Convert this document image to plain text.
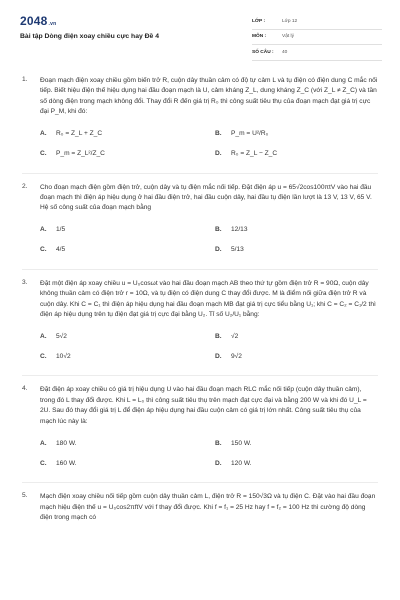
2048.vn
Bài tập Dòng điện xoay chiều cực hay Đề 4
LỚP :	Lớp 12
MÔN :	Vật lý
SỐ CÂU :	40
1. Đoạn mạch điện xoay chiều gồm biến trở R, cuộn dây thuần cảm có độ tự cảm L và tụ điện có điện dung C mắc nối tiếp. Biết hiệu điện thế hiệu dụng hai đầu đoạn mạch là U, cảm kháng Z_L, dung kháng Z_C (với Z_L ≠ Z_C) và tần số dòng điện trong mạch không đổi. Thay đổi R đến giá trị R₀ thì công suất tiêu thụ của đoạn mạch đạt giá trị cực đại P_M, khi đó:
A.	R₀ = Z_L + Z_C	B.	P_m = U²/R₀
C.	P_m = Z_L²/Z_C	D.	R₀ = Z_L − Z_C
2. Cho đoạn mạch điện gồm điện trở, cuộn dây và tụ điện mắc nối tiếp. Đặt điện áp u = 65√2cos100πtV vào hai đầu đoạn mạch thì điện áp hiệu dụng ở hai đầu điện trở, hai đầu cuộn dây, hai đầu tụ điện lần lượt là 13 V, 13 V, 65 V. Hệ số công suất của đoạn mạch bằng
A.	1/5	B.	12/13
C.	4/5	D.	5/13
3. Đặt một điện áp xoay chiều u = U₀cosωt vào hai đầu đoạn mạch AB theo thứ tự gồm điện trở R = 90Ω, cuộn dây không thuần cảm có điện trở r = 10Ω, và tụ điện có điện dung C thay đổi được. M là điểm nối giữa điện trở R và cuộn dây. Khi C = C₁ thì điện áp hiệu dụng hai đầu đoạn mạch MB đạt giá trị cực tiểu bằng U₁; khi C = C₂ = C₁/2 thì điện áp hiệu dụng trên tụ điện đạt giá trị cực đại bằng U₂. Tỉ số U₂/U₁ bằng:
A.	5√2	B.	√2
C.	10√2	D.	9√2
4. Đặt điện áp xoay chiều có giá trị hiệu dụng U vào hai đầu đoạn mạch RLC mắc nối tiếp (cuộn dây thuần cảm), trong đó L thay đổi được. Khi L = L₀ thì công suất tiêu thụ trên mạch đạt cực đại và bằng 200 W và khi đó U_L = 2U. Sau đó thay đổi giá trị L để điện áp hiệu dụng hai đầu cuộn cảm có giá trị lớn nhất. Công suất tiêu thụ của mạch lúc này là:
A.	180 W.	B.	150 W.
C.	160 W.	D.	120 W.
5. Mạch điện xoay chiều nối tiếp gồm cuộn dây thuần cảm L, điện trở R = 150√3Ω và tụ điện C. Đặt vào hai đầu đoạn mạch hiệu điện thế u = U₀cos2πftV với f thay đổi được. Khi f = f₁ = 25 Hz hay f = f₂ = 100 Hz thì cường độ dòng điện trong mạch có
